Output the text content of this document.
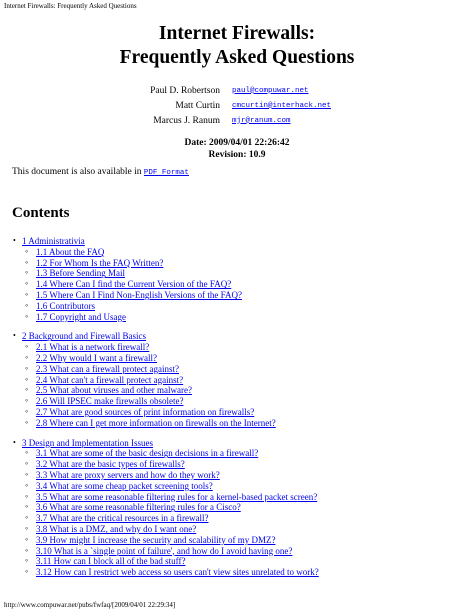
Internet Firewalls: Frequently Asked Questions
Internet Firewalls:
Frequently Asked Questions
Paul D. Robertson paul@compuwar.net
Matt Curtin cmcurtin@interhack.net
Marcus J. Ranum mjr@ranum.com
Date: 2009/04/01 22:26:42
Revision: 10.9
This document is also available in PDF Format
Contents
• 1 Administrativia
◦ 1.1 About the FAQ
◦ 1.2 For Whom Is the FAQ Written?
◦ 1.3 Before Sending Mail
◦ 1.4 Where Can I find the Current Version of the FAQ?
◦ 1.5 Where Can I Find Non-English Versions of the FAQ?
◦ 1.6 Contributors
◦ 1.7 Copyright and Usage
• 2 Background and Firewall Basics
◦ 2.1 What is a network firewall?
◦ 2.2 Why would I want a firewall?
◦ 2.3 What can a firewall protect against?
◦ 2.4 What can't a firewall protect against?
◦ 2.5 What about viruses and other malware?
◦ 2.6 Will IPSEC make firewalls obsolete?
◦ 2.7 What are good sources of print information on firewalls?
◦ 2.8 Where can I get more information on firewalls on the Internet?
• 3 Design and Implementation Issues
◦ 3.1 What are some of the basic design decisions in a firewall?
◦ 3.2 What are the basic types of firewalls?
◦ 3.3 What are proxy servers and how do they work?
◦ 3.4 What are some cheap packet screening tools?
◦ 3.5 What are some reasonable filtering rules for a kernel-based packet screen?
◦ 3.6 What are some reasonable filtering rules for a Cisco?
◦ 3.7 What are the critical resources in a firewall?
◦ 3.8 What is a DMZ, and why do I want one?
◦ 3.9 How might I increase the security and scalability of my DMZ?
◦ 3.10 What is a `single point of failure', and how do I avoid having one?
◦ 3.11 How can I block all of the bad stuff?
◦ 3.12 How can I restrict web access so users can't view sites unrelated to work?
http://www.compuwar.net/pubs/fwfaq/[2009/04/01 22:29:34]
